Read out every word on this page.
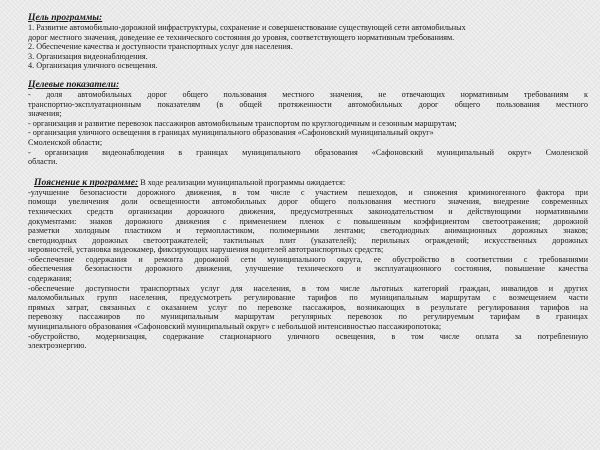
Цель программы:

1. Развитие автомобильно-дорожной инфраструктуры, сохранение и совершенствование существующей сети автомобильных

дорог местного значения, доведение ее технического состояния до уровня, соответствующего нормативным требованиям.

2. Обеспечение качества и доступности транспортных услуг для населения.

3. Организация видеонаблюдения.

4. Организация уличного освещения.

Целевые показатели:

- доля автомобильных дорог общего пользования местного значения, не отвечающих нормативным требованиям к

транспортно-эксплуатационным показателям (в общей протяженности автомобильных дорог общего пользования местного

значения;

- организация и развитие перевозок пассажиров автомобильным транспортом по круглогодичным и сезонным маршрутам;

- организация уличного освещения в границах муниципального образования «Сафоновский муниципальный округ»

Смоленской области;

- организация видеонаблюдения в границах муниципального образования «Сафоновский муниципальный округ» Смоленской

области.

Пояснение к программе: В ходе реализации муниципальной программы ожидается:

-улучшение безопасности дорожного движения, в том числе с участием пешеходов, и снижения криминогенного фактора при

помощи увеличения доли освещенности автомобильных дорог общего пользования местного значения, внедрение современных

технических средств организации дорожного движения, предусмотренных законодательством и действующими нормативными

документами: знаков дорожного движения с применением пленок с повышенным коэффициентом светоотражения; дорожной

разметки холодным пластиком и термопластиком, полимерными лентами; светодиодных анимационных дорожных знаков;

светодиодных дорожных светоотражателей; тактильных плит (указателей); перильных ограждений; искусственных дорожных

неровностей, установка видеокамер, фиксирующих нарушения водителей автотранспортных средств;

-обеспечение содержания и ремонта дорожной сети муниципального округа, ее обустройство в соответствии с требованиями

обеспечения безопасности дорожного движения, улучшение технического и эксплуатационного состояния, повышение качества

содержания;

-обеспечение доступности транспортных услуг для населения, в том числе льготных категорий граждан, инвалидов и других

маломобильных групп населения, предусмотреть регулирование тарифов по муниципальным маршрутам с возмещением части

прямых затрат, связанных с оказанием услуг по перевозке пассажиров, возникающих в результате регулирования тарифов на

перевозку пассажиров по муниципальным маршрутам регулярных перевозок по регулируемым тарифам в границах

муниципального образования «Сафоновский муниципальный округ» с небольшой интенсивностью пассажиропотока;

-обустройство, модернизация, содержание стационарного уличного освещения, в том числе оплата за потребленную

электроэнергию.
